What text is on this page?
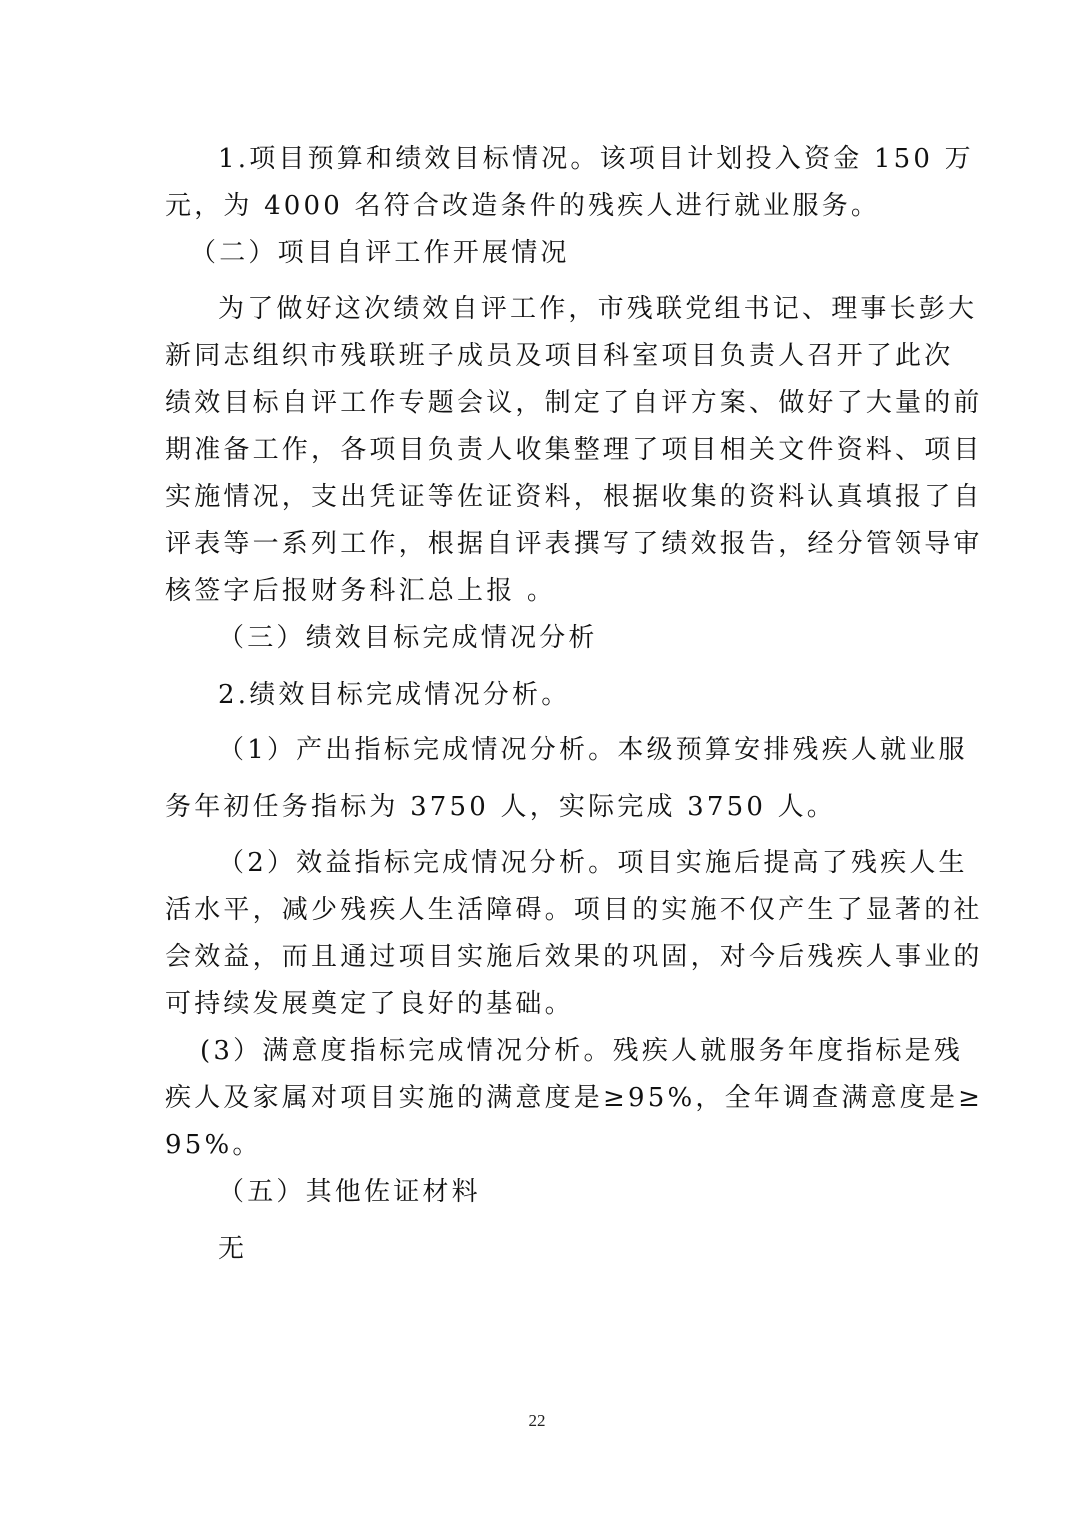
1.项目预算和绩效目标情况。该项目计划投入资金 150 万
元，为 4000 名符合改造条件的残疾人进行就业服务。
（二）项目自评工作开展情况
为了做好这次绩效自评工作，市残联党组书记、理事长彭大
新同志组织市残联班子成员及项目科室项目负责人召开了此次
绩效目标自评工作专题会议，制定了自评方案、做好了大量的前
期准备工作，各项目负责人收集整理了项目相关文件资料、项目
实施情况，支出凭证等佐证资料，根据收集的资料认真填报了自
评表等一系列工作，根据自评表撰写了绩效报告，经分管领导审
核签字后报财务科汇总上报 。
（三）绩效目标完成情况分析
2.绩效目标完成情况分析。
（1）产出指标完成情况分析。本级预算安排残疾人就业服
务年初任务指标为 3750 人，实际完成 3750 人。
（2）效益指标完成情况分析。项目实施后提高了残疾人生
活水平，减少残疾人生活障碍。项目的实施不仅产生了显著的社
会效益，而且通过项目实施后效果的巩固，对今后残疾人事业的
可持续发展奠定了良好的基础。
(3）满意度指标完成情况分析。残疾人就服务年度指标是残
疾人及家属对项目实施的满意度是≥95%，全年调查满意度是≥
95%。
（五）其他佐证材料
无
22
